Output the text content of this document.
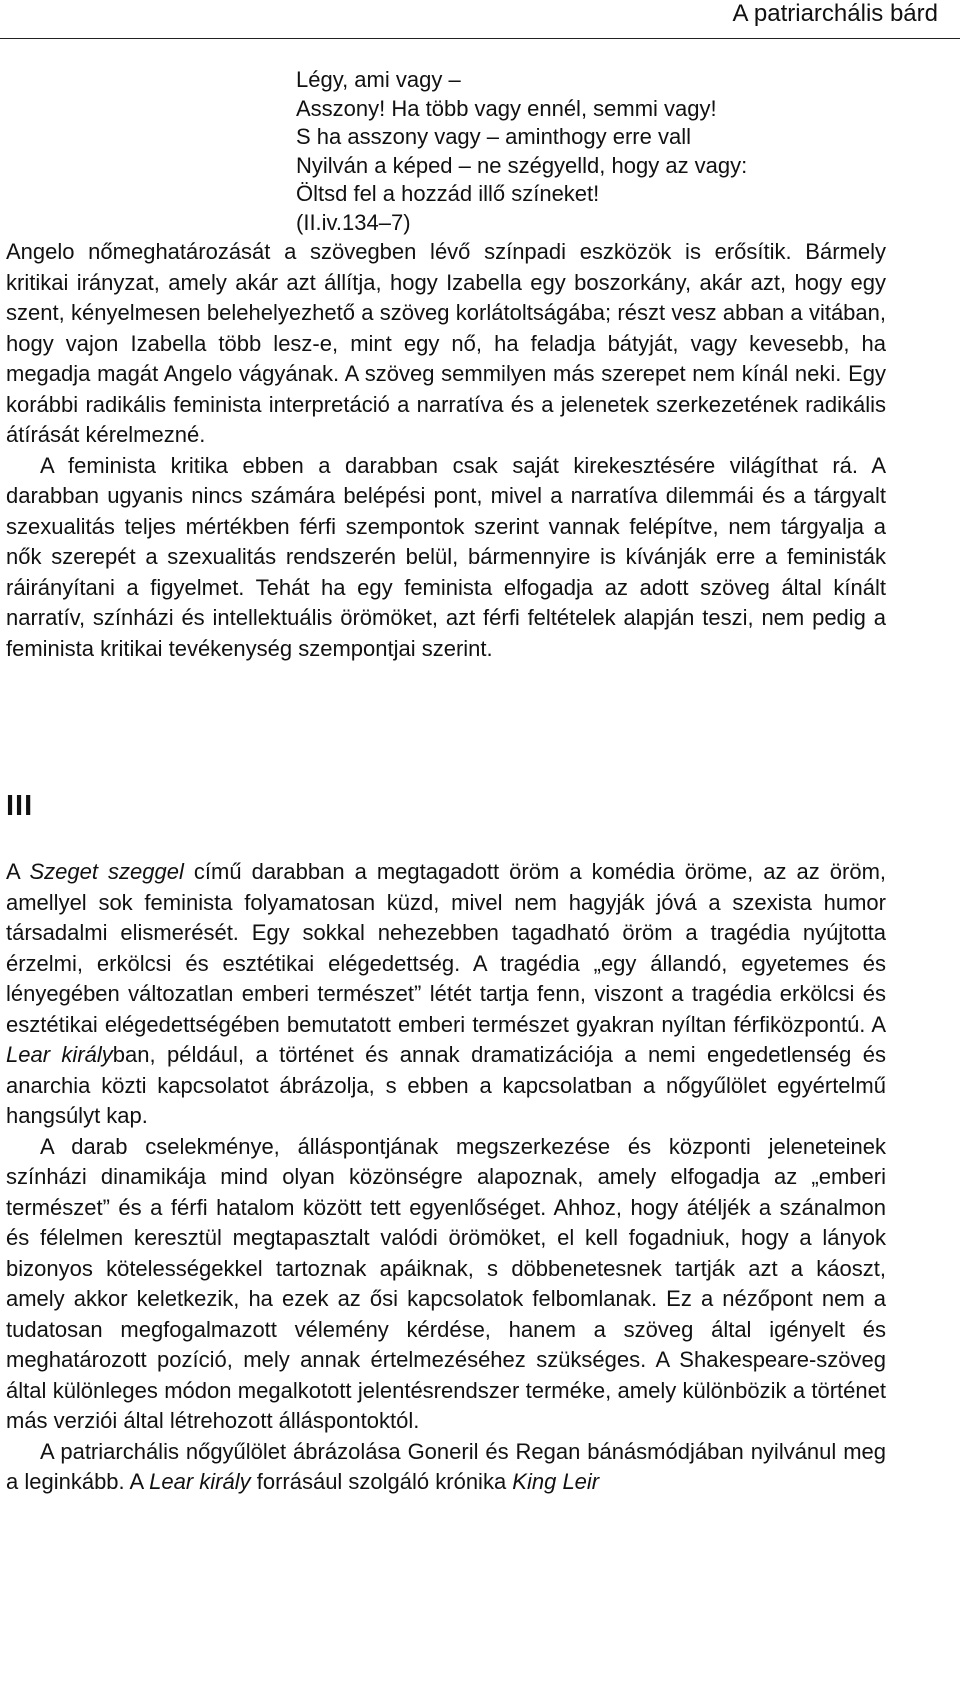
A patriarchális bárd
Légy, ami vagy –
Asszony! Ha több vagy ennél, semmi vagy!
S ha asszony vagy – aminthogy erre vall
Nyilván a képed – ne szégyelld, hogy az vagy:
Öltsd fel a hozzád illő színeket!
(II.iv.134–7)

Angelo nőmeghatározását a szövegben lévő színpadi eszközök is erősítik. Bármely kritikai irányzat, amely akár azt állítja, hogy Izabella egy boszorkány, akár azt, hogy egy szent, kényelmesen belehelyezhető a szöveg korlátoltságába; részt vesz abban a vitában, hogy vajon Izabella több lesz-e, mint egy nő, ha feladja bátyját, vagy kevesebb, ha megadja magát Angelo vágyának. A szöveg semmilyen más szerepet nem kínál neki. Egy korábbi radikális feminista interpretáció a narratíva és a jelenetek szerkezetének radikális átírását kérelmezné.

A feminista kritika ebben a darabban csak saját kirekesztésére világíthat rá. A darabban ugyanis nincs számára belépési pont, mivel a narratíva dilemmái és a tárgyalt szexualitás teljes mértékben férfi szempontok szerint vannak felépítve, nem tárgyalja a nők szerepét a szexualitás rendszerén belül, bármennyire is kívánják erre a feministák ráirányítani a figyelmet. Tehát ha egy feminista elfogadja az adott szöveg által kínált narratív, színházi és intellektuális örömöket, azt férfi feltételek alapján teszi, nem pedig a feminista kritikai tevékenység szempontjai szerint.

III

A Szeget szeggel című darabban a megtagadott öröm a komédia öröme, az az öröm, amellyel sok feminista folyamatosan küzd, mivel nem hagyják jóvá a szexista humor társadalmi elismerését. Egy sokkal nehezebben tagadható öröm a tragédia nyújtotta érzelmi, erkölcsi és esztétikai elégedettség. A tragédia „egy állandó, egyetemes és lényegében változatlan emberi természet” létét tartja fenn, viszont a tragédia erkölcsi és esztétikai elégedettségében bemutatott emberi természet gyakran nyíltan férfiközpontú. A Lear királyban, például, a történet és annak dramatizációja a nemi engedetlenség és anarchia közti kapcsolatot ábrázolja, s ebben a kapcsolatban a nőgyűlölet egyértelmű hangsúlyt kap.

A darab cselekménye, álláspontjának megszerkezése és központi jeleneteinek színházi dinamikája mind olyan közönségre alapoznak, amely elfogadja az „emberi természet” és a férfi hatalom között tett egyenlőséget. Ahhoz, hogy átéljék a szánalmon és félelmen keresztül megtapasztalt valódi örömöket, el kell fogadniuk, hogy a lányok bizonyos kötelességekkel tartoznak apáiknak, s döbbenetesnek tartják azt a káoszt, amely akkor keletkezik, ha ezek az ősi kapcsolatok felbomlanak. Ez a nézőpont nem a tudatosan megfogalmazott vélemény kérdése, hanem a szöveg által igényelt és meghatározott pozíció, mely annak értelmezéséhez szükséges. A Shakespeare-szöveg által különleges módon megalkotott jelentésrendszer terméke, amely különbözik a történet más verziói által létrehozott álláspontoktól.

A patriarchális nőgyűlölet ábrázolása Goneril és Regan bánásmódjában nyilvánul meg a leginkább. A Lear király forrásául szolgáló krónika King Leir
